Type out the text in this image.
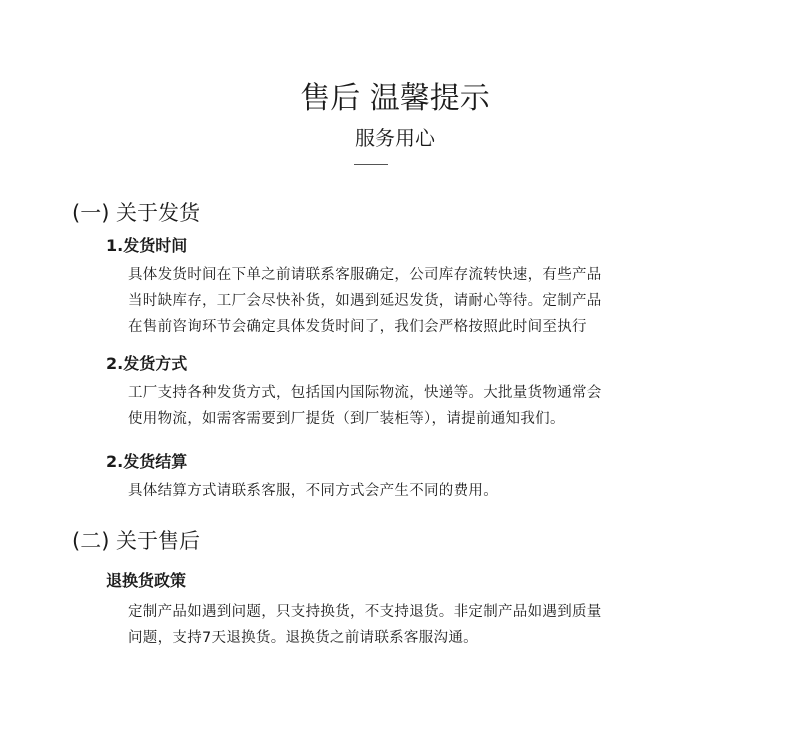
售后 温馨提示
服务用心
(一) 关于发货
1.发货时间
具体发货时间在下单之前请联系客服确定，公司库存流转快速，有些产品
当时缺库存，工厂会尽快补货，如遇到延迟发货，请耐心等待。定制产品
在售前咨询环节会确定具体发货时间了，我们会严格按照此时间至执行
2.发货方式
工厂支持各种发货方式，包括国内国际物流，快递等。大批量货物通常会
使用物流，如需客需要到厂提货（到厂装柜等），请提前通知我们。
2.发货结算
具体结算方式请联系客服，不同方式会产生不同的费用。
(二) 关于售后
退换货政策
定制产品如遇到问题，只支持换货，不支持退货。非定制产品如遇到质量
问题，支持7天退换货。退换货之前请联系客服沟通。
